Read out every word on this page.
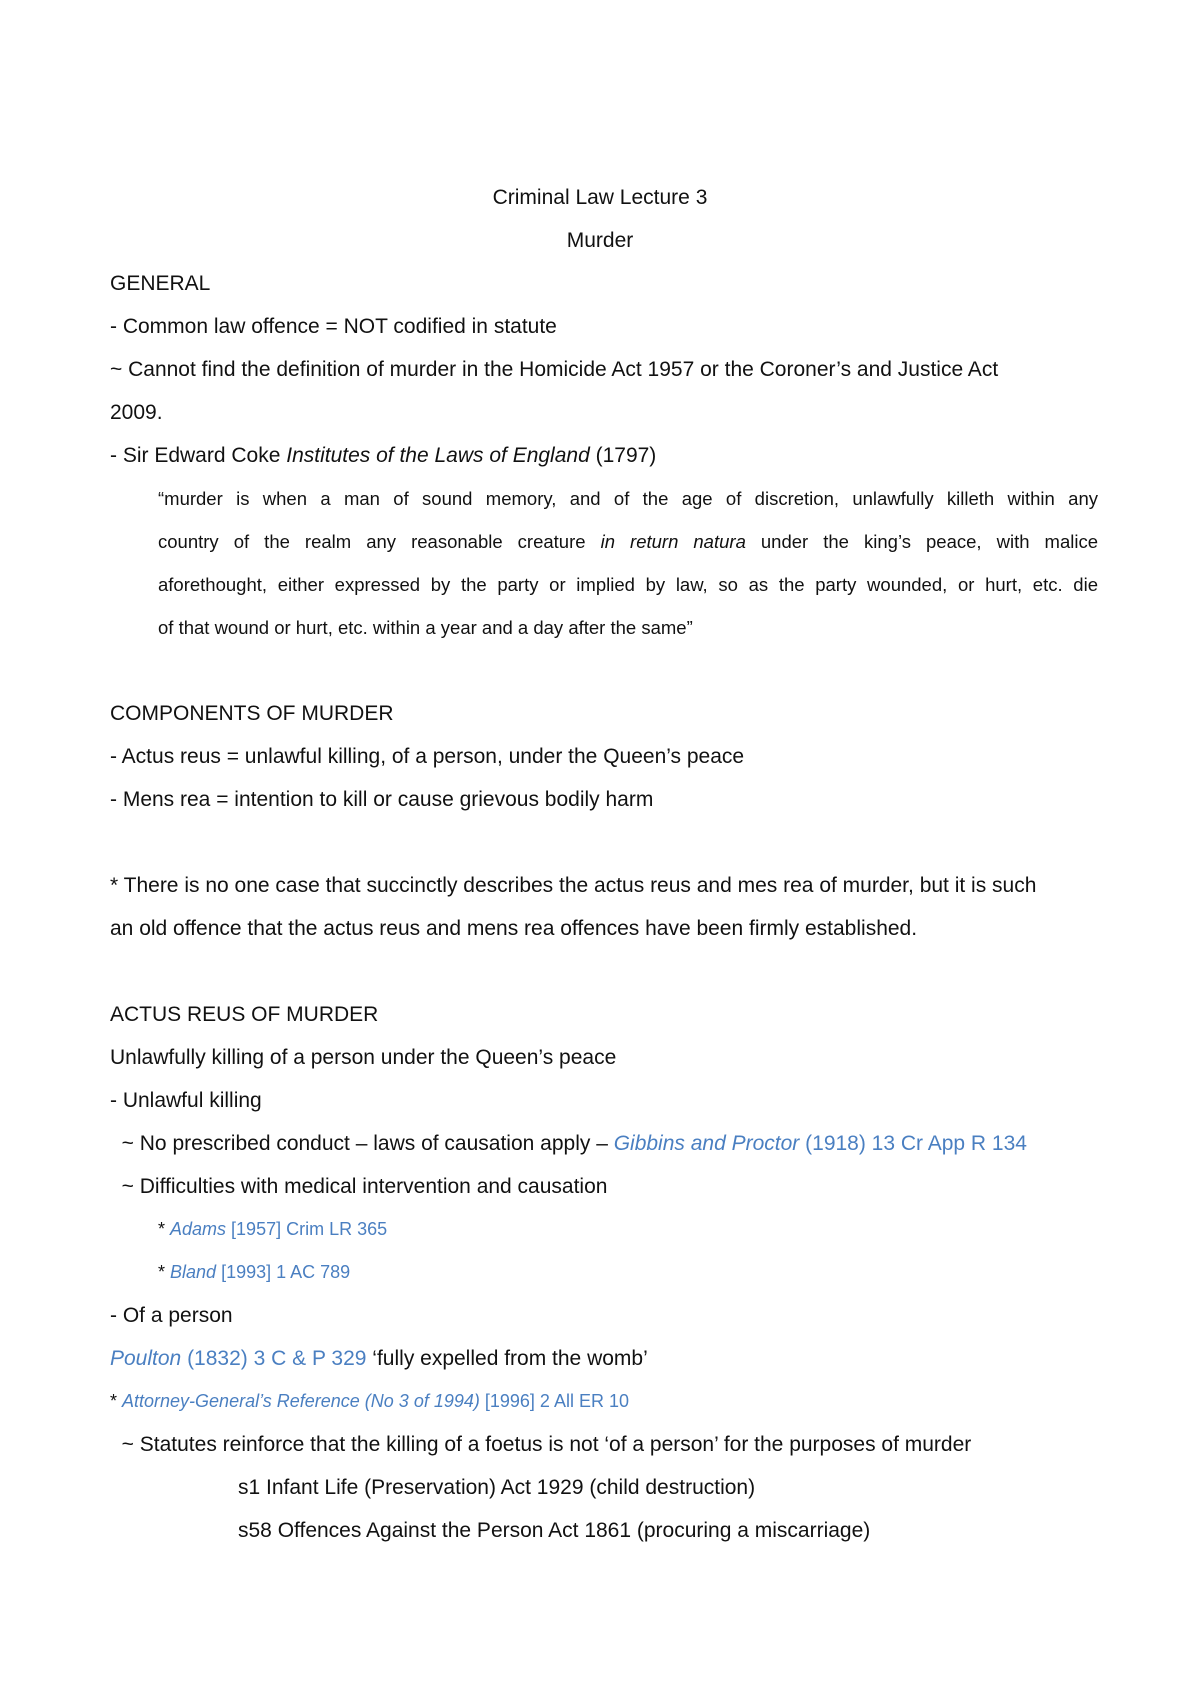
Criminal Law Lecture 3
Murder
GENERAL
- Common law offence = NOT codified in statute
~ Cannot find the definition of murder in the Homicide Act 1957 or the Coroner’s and Justice Act
2009.
- Sir Edward Coke Institutes of the Laws of England (1797)
“murder is when a man of sound memory, and of the age of discretion, unlawfully killeth within any
country of the realm any reasonable creature in return natura under the king’s peace, with malice
aforethought, either expressed by the party or implied by law, so as the party wounded, or hurt, etc. die
of that wound or hurt, etc. within a year and a day after the same”
COMPONENTS OF MURDER
- Actus reus = unlawful killing, of a person, under the Queen’s peace
- Mens rea = intention to kill or cause grievous bodily harm
* There is no one case that succinctly describes the actus reus and mes rea of murder, but it is such
an old offence that the actus reus and mens rea offences have been firmly established.
ACTUS REUS OF MURDER
Unlawfully killing of a person under the Queen’s peace
- Unlawful killing
~ No prescribed conduct – laws of causation apply – Gibbins and Proctor (1918) 13 Cr App R 134
~ Difficulties with medical intervention and causation
* Adams [1957] Crim LR 365
* Bland [1993] 1 AC 789
- Of a person
Poulton (1832) 3 C & P 329 ‘fully expelled from the womb’
* Attorney-General’s Reference (No 3 of 1994) [1996] 2 All ER 10
~ Statutes reinforce that the killing of a foetus is not ‘of a person’ for the purposes of murder
s1 Infant Life (Preservation) Act 1929 (child destruction)
s58 Offences Against the Person Act 1861 (procuring a miscarriage)
